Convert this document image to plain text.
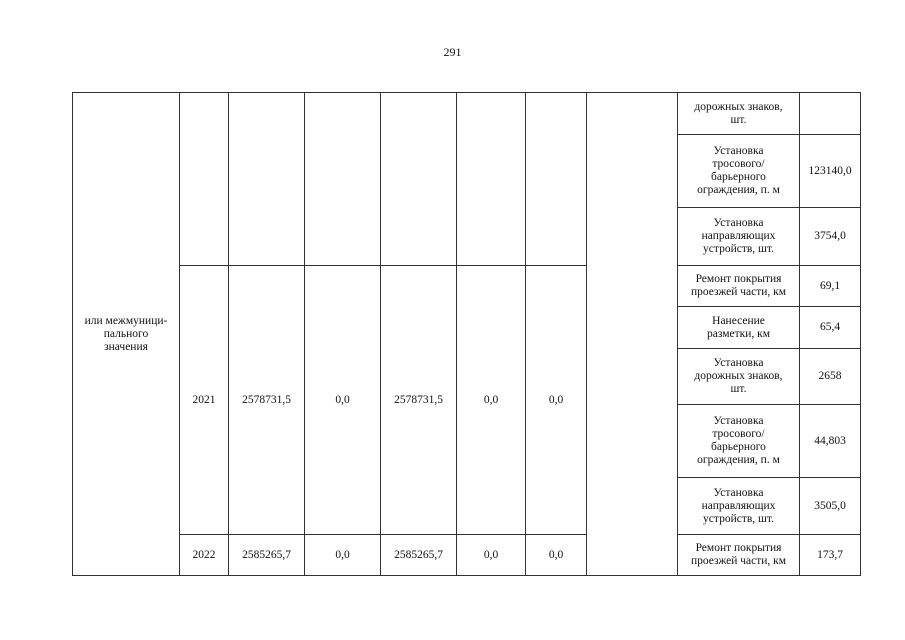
291
или межмуници-
пального
значения								дорожных знаков,
шт.	
								Установка
тросового/
барьерного
ограждения, п. м	123140,0
								Установка
направляющих
устройств, шт.	3754,0
	2021	2578731,5	0,0	2578731,5	0,0	0,0		Ремонт покрытия
проезжей части, км	69,1
								Нанесение
разметки, км	65,4
								Установка
дорожных знаков,
шт.	2658
								Установка
тросового/
барьерного
ограждения, п. м	44,803
								Установка
направляющих
устройств, шт.	3505,0
	2022	2585265,7	0,0	2585265,7	0,0	0,0		Ремонт покрытия
проезжей части, км	173,7
